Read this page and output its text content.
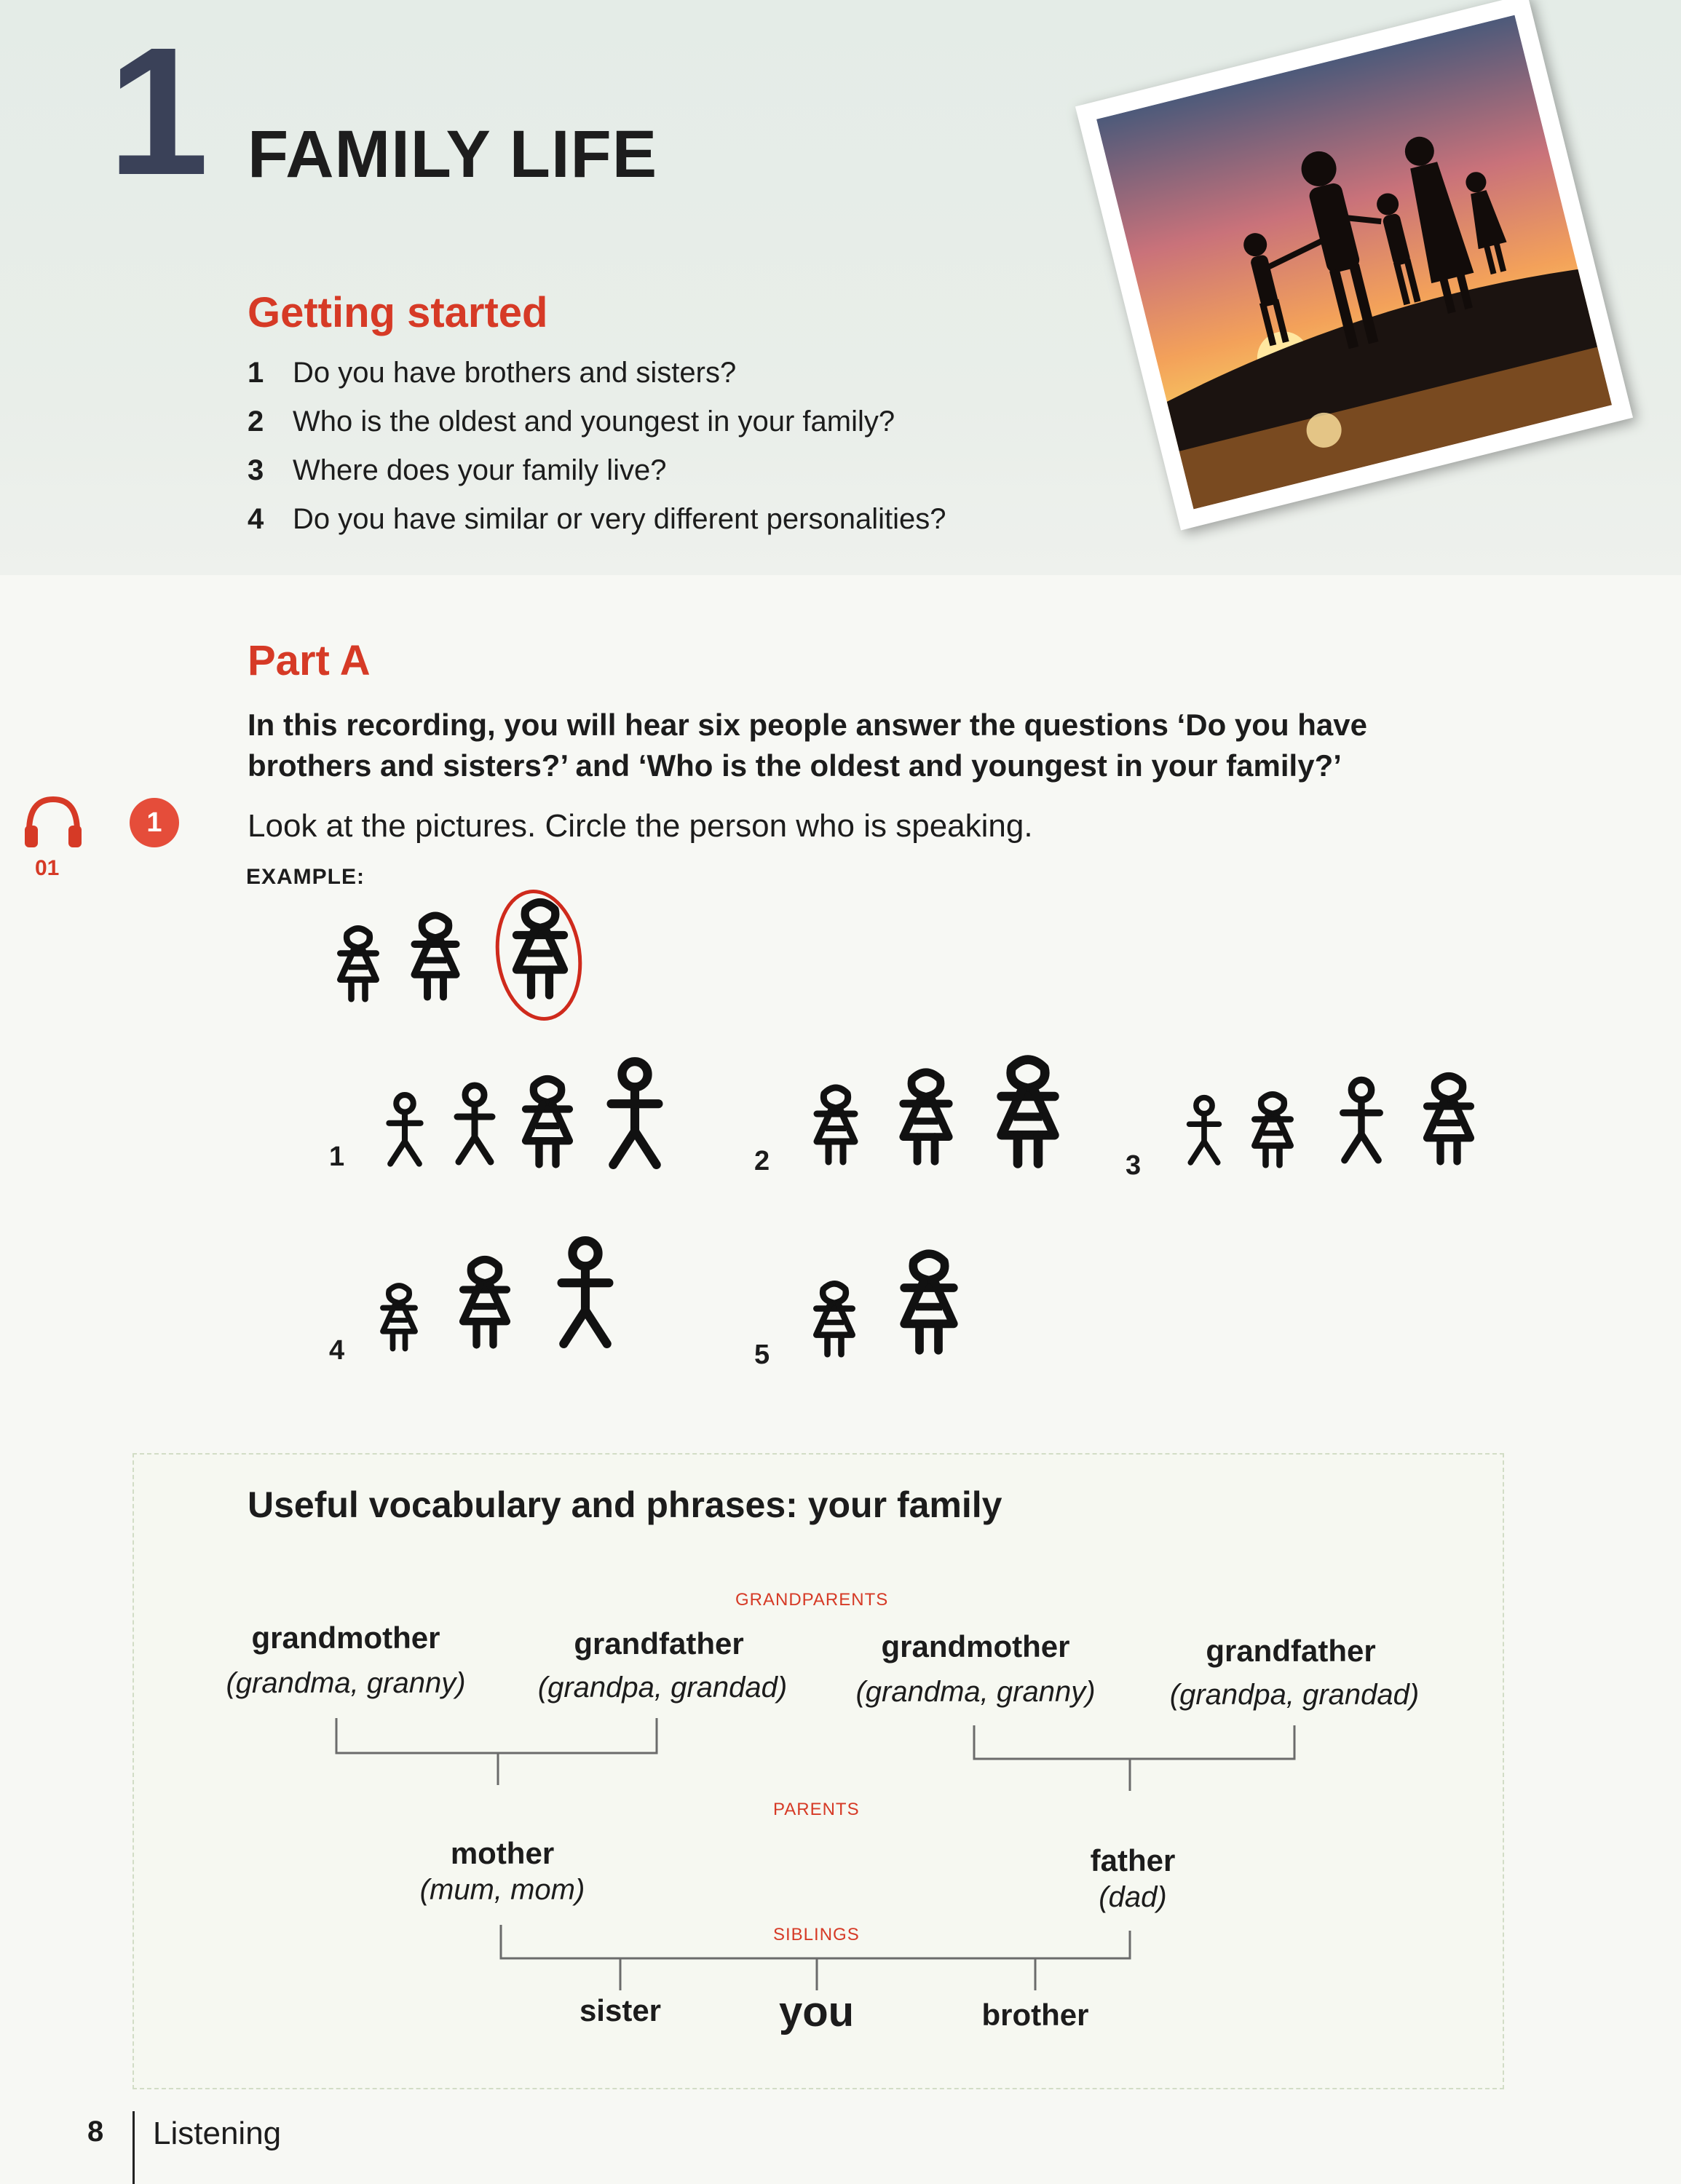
1 FAMILY LIFE
Getting started
1 Do you have brothers and sisters?
2 Who is the oldest and youngest in your family?
3 Where does your family live?
4 Do you have similar or very different personalities?
Part A
In this recording, you will hear six people answer the questions ‘Do you have brothers and sisters?’ and ‘Who is the oldest and youngest in your family?’
01
1	Look at the pictures. Circle the person who is speaking.
EXAMPLE:
1	2	3
4	5
Useful vocabulary and phrases: your family
GRANDPARENTS
grandmother
(grandma, granny)
grandfather
(grandpa, grandad)
grandmother
(grandma, granny)
grandfather
(grandpa, grandad)
PARENTS
mother
(mum, mom)
father
(dad)
SIBLINGS
sister	you	brother
8 Listening
